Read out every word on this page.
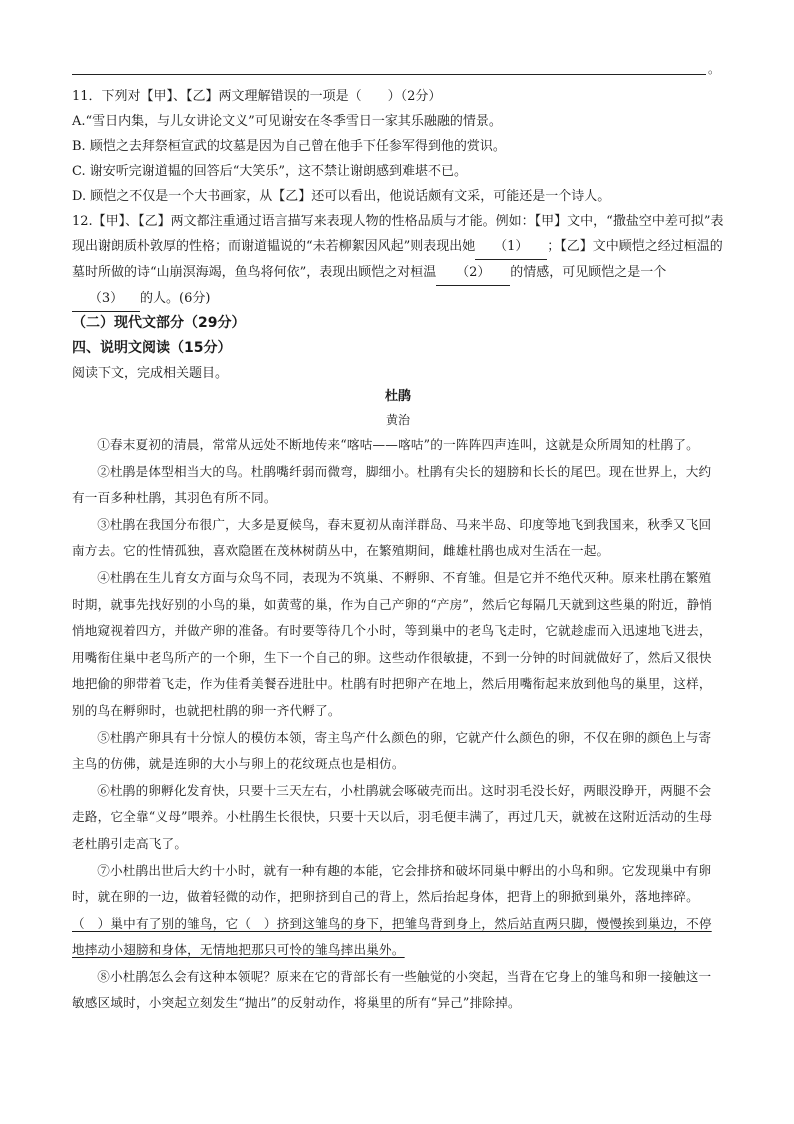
。

11．下列对【甲】、【乙】两文理解错误的一项是（　　）（2分）

A.“雪日内集，与儿女讲论文义”可见谢安在冬季雪日一家其乐融融的情景。

B. 顾恺之去拜祭桓宣武的坟墓是因为自己曾在他手下任参军得到他的赏识。

C. 谢安听完谢道韫的回答后“大笑乐”，这不禁让谢朗感到难堪不已。

D. 顾恺之不仅是一个大书画家，从【乙】还可以看出，他说话颇有文采，可能还是一个诗人。

12.【甲】、【乙】两文都注重通过语言描写来表现人物的性格品质与才能。例如：【甲】文中，“撒盐空中差可拟”表现出谢朗质朴敦厚的性格；而谢道韫说的“未若柳絮因风起”则表现出她 （1） ；【乙】文中顾恺之经过桓温的墓时所做的诗“山崩溟海竭，鱼鸟将何依”，表现出顾恺之对桓温 （2） 的情感，可见顾恺之是一个（3） 的人。(6分)

（二）现代文部分（29分）
四、说明文阅读（15分）
阅读下文，完成相关题目。
杜鹃
黄治

①春末夏初的清晨，常常从远处不断地传来“喀咕——喀咕”的一阵阵四声连叫，这就是众所周知的杜鹃了。

②杜鹃是体型相当大的鸟。杜鹃嘴纤弱而微弯，脚细小。杜鹃有尖长的翅膀和长长的尾巴。现在世界上，大约有一百多种杜鹃，其羽色有所不同。

③杜鹃在我国分布很广，大多是夏候鸟，春末夏初从南洋群岛、马来半岛、印度等地飞到我国来，秋季又飞回南方去。它的性情孤独，喜欢隐匿在茂林树荫丛中，在繁殖期间，雌雄杜鹃也成对生活在一起。

④杜鹃在生儿育女方面与众鸟不同，表现为不筑巢、不孵卵、不育雏。但是它并不绝代灭种。原来杜鹃在繁殖时期，就事先找好别的小鸟的巢，如黄莺的巢，作为自己产卵的“产房”，然后它每隔几天就到这些巢的附近，静悄悄地窥视着四方，并做产卵的准备。有时要等待几个小时，等到巢中的老鸟飞走时，它就趁虚而入迅速地飞进去，用嘴衔住巢中老鸟所产的一个卵，生下一个自己的卵。这些动作很敏捷，不到一分钟的时间就做好了，然后又很快地把偷的卵带着飞走，作为佳肴美餐吞进肚中。杜鹃有时把卵产在地上，然后用嘴衔起来放到他鸟的巢里，这样，别的鸟在孵卵时，也就把杜鹃的卵一齐代孵了。

⑤杜鹃产卵具有十分惊人的模仿本领，寄主鸟产什么颜色的卵，它就产什么颜色的卵，不仅在卵的颜色上与寄主鸟的仿佛，就是连卵的大小与卵上的花纹斑点也是相仿。

⑥杜鹃的卵孵化发育快，只要十三天左右，小杜鹃就会啄破壳而出。这时羽毛没长好，两眼没睁开，两腿不会走路，它全靠“义母”喂养。小杜鹃生长很快，只要十天以后，羽毛便丰满了，再过几天，就被在这附近活动的生母老杜鹃引走高飞了。

⑦小杜鹃出世后大约十小时，就有一种有趣的本能，它会排挤和破坏同巢中孵出的小鸟和卵。它发现巢中有卵时，就在卵的一边，做着轻微的动作，把卵挤到自己的背上，然后抬起身体，把背上的卵掀到巢外，落地摔碎。（　）巢中有了别的雏鸟，它（　）挤到这雏鸟的身下，把雏鸟背到身上，然后站直两只脚，慢慢挨到巢边，不停地摔动小翅膀和身体，无情地把那只可怜的雏鸟摔出巢外。

⑧小杜鹃怎么会有这种本领呢？原来在它的背部长有一些触觉的小突起，当背在它身上的雏鸟和卵一接触这一敏感区域时，小突起立刻发生“抛出”的反射动作，将巢里的所有“异己”排除掉。
